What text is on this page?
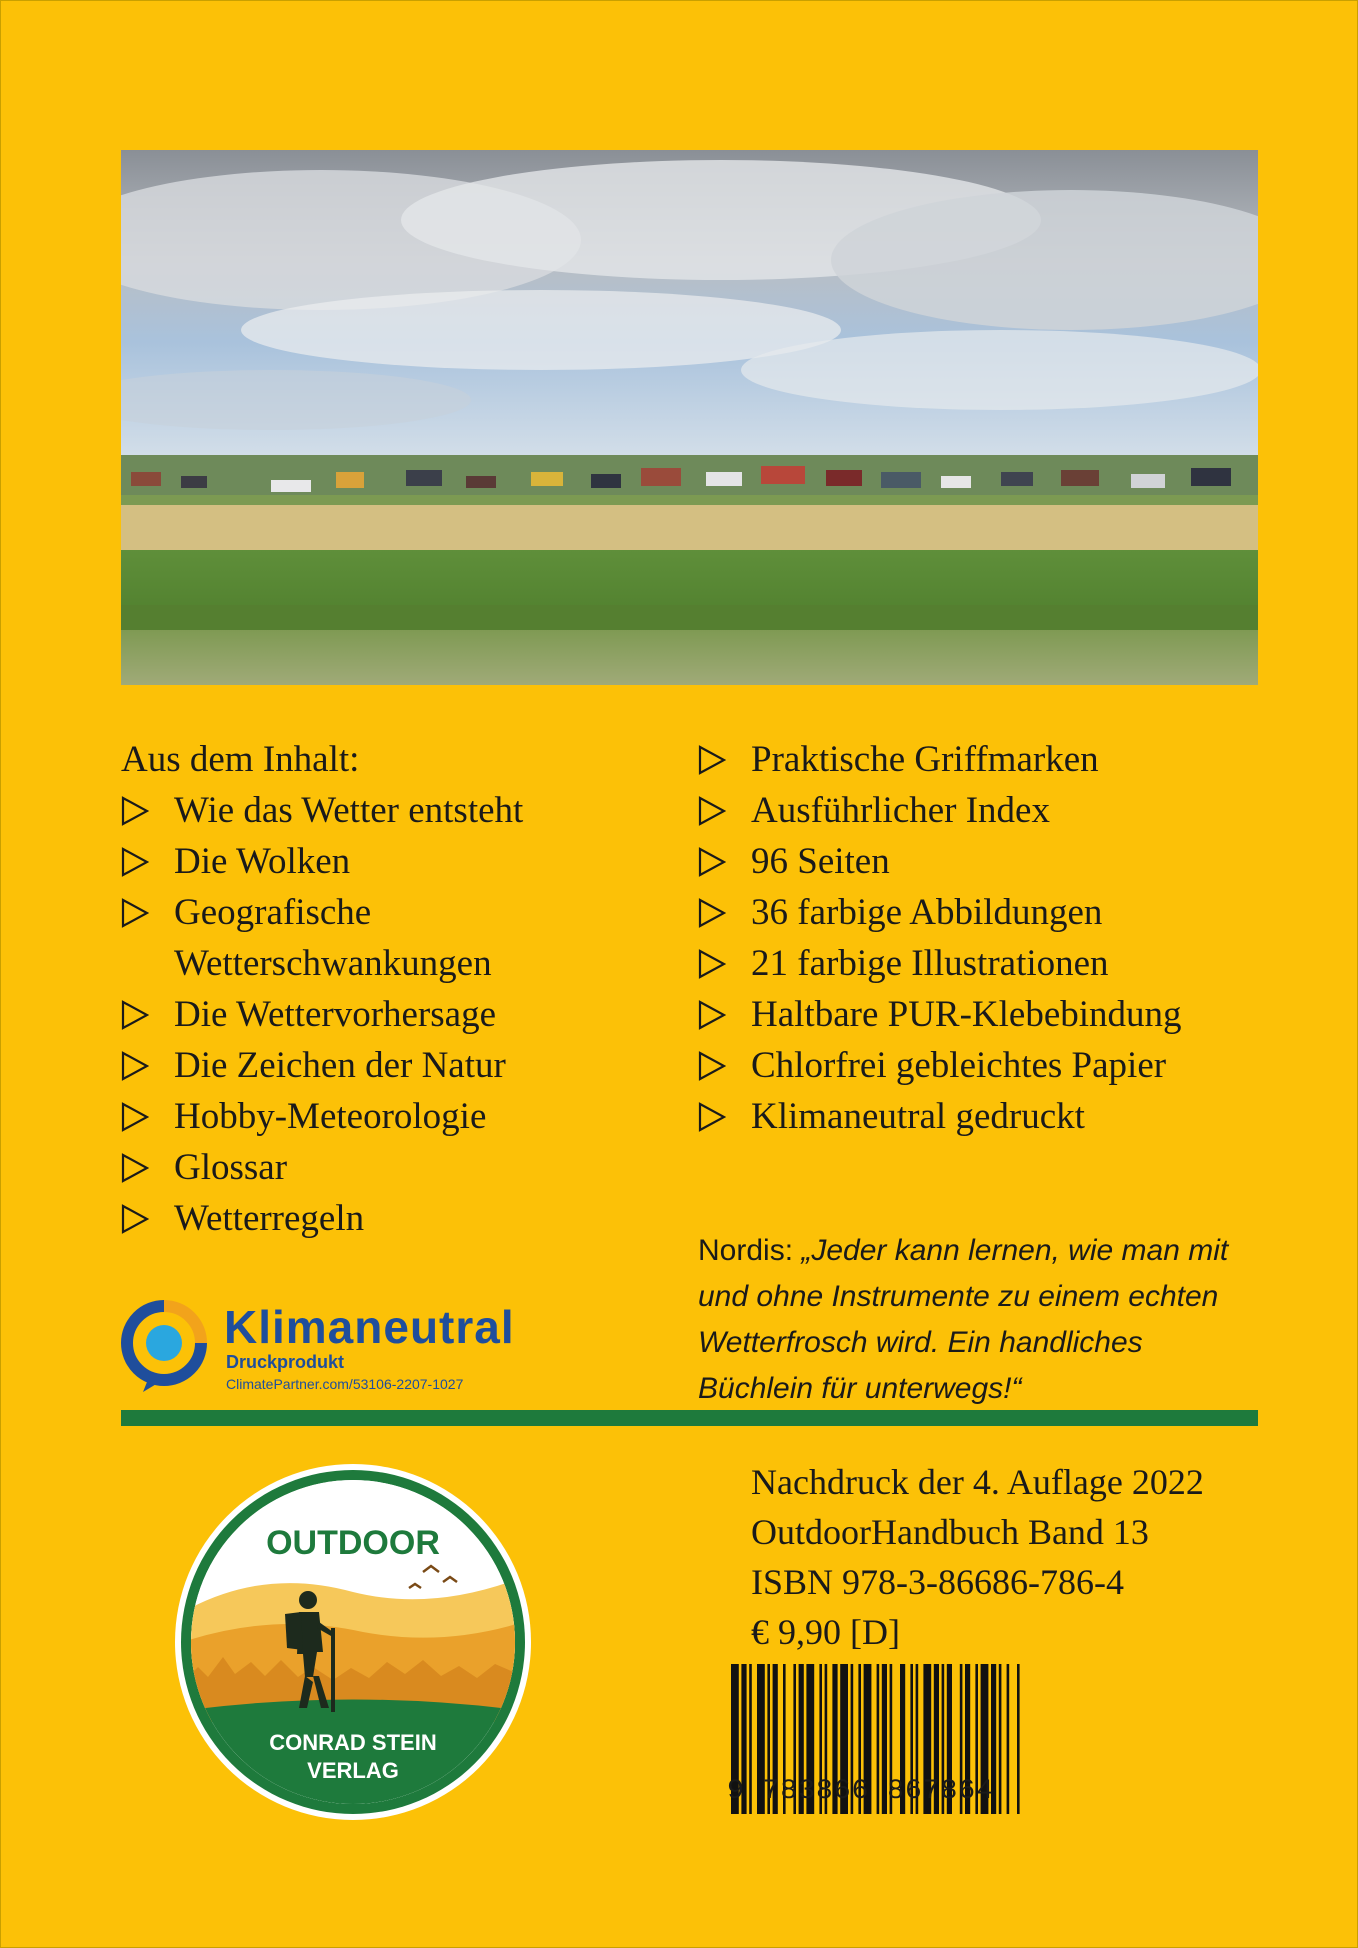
Aus dem Inhalt:
Wie das Wetter entsteht
Die Wolken
Geografische Wetterschwankungen
Die Wettervorhersage
Die Zeichen der Natur
Hobby-Meteorologie
Glossar
Wetterregeln
Praktische Griffmarken
Ausführlicher Index
96 Seiten
36 farbige Abbildungen
21 farbige Illustrationen
Haltbare PUR-Klebebindung
Chlorfrei gebleichtes Papier
Klimaneutral gedruckt
Nordis: „Jeder kann lernen, wie man mit und ohne Instrumente zu einem echten Wetterfrosch wird. Ein handliches Büchlein für unterwegs!“
Klimaneutral
Druckprodukt
ClimatePartner.com/53106-2207-1027
Nachdruck der 4. Auflage 2022
OutdoorHandbuch Band 13
ISBN 978-3-86686-786-4
€ 9,90 [D]
OUTDOOR
CONRAD STEIN
VERLAG
9 783866 867864
